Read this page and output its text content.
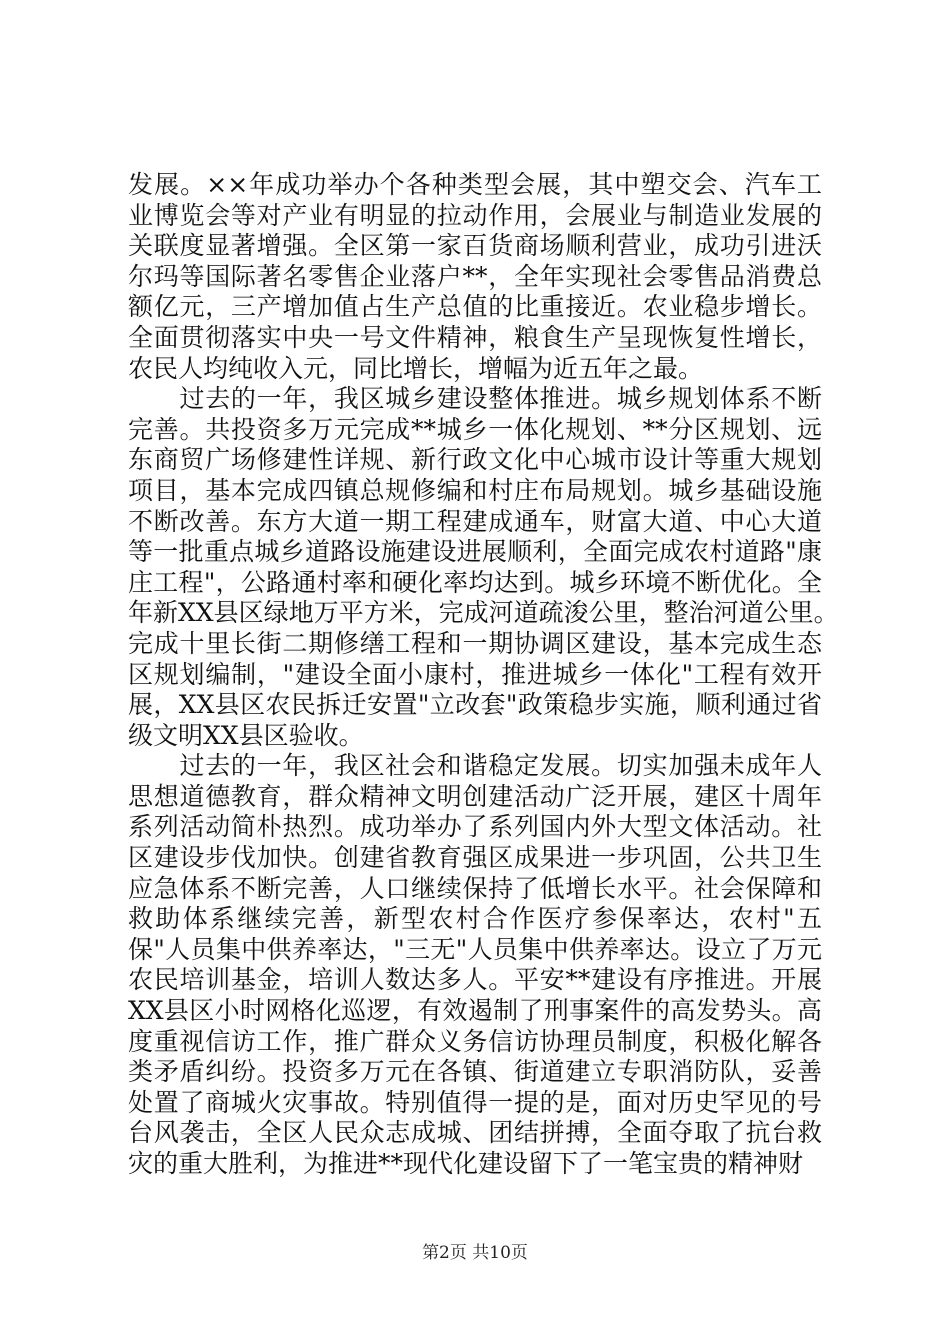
发展。××年成功举办个各种类型会展，其中塑交会、汽车工
业博览会等对产业有明显的拉动作用，会展业与制造业发展的
关联度显著增强。全区第一家百货商场顺利营业，成功引进沃
尔玛等国际著名零售企业落户**，全年实现社会零售品消费总
额亿元，三产增加值占生产总值的比重接近。农业稳步增长。
全面贯彻落实中央一号文件精神，粮食生产呈现恢复性增长，
农民人均纯收入元，同比增长，增幅为近五年之最。
　　过去的一年，我区城乡建设整体推进。城乡规划体系不断
完善。共投资多万元完成**城乡一体化规划、**分区规划、远
东商贸广场修建性详规、新行政文化中心城市设计等重大规划
项目，基本完成四镇总规修编和村庄布局规划。城乡基础设施
不断改善。东方大道一期工程建成通车，财富大道、中心大道
等一批重点城乡道路设施建设进展顺利，全面完成农村道路"康
庄工程"，公路通村率和硬化率均达到。城乡环境不断优化。全
年新XX县区绿地万平方米，完成河道疏浚公里，整治河道公里。
完成十里长街二期修缮工程和一期协调区建设，基本完成生态
区规划编制，"建设全面小康村，推进城乡一体化"工程有效开
展，XX县区农民拆迁安置"立改套"政策稳步实施，顺利通过省
级文明XX县区验收。
　　过去的一年，我区社会和谐稳定发展。切实加强未成年人
思想道德教育，群众精神文明创建活动广泛开展，建区十周年
系列活动简朴热烈。成功举办了系列国内外大型文体活动。社
区建设步伐加快。创建省教育强区成果进一步巩固，公共卫生
应急体系不断完善，人口继续保持了低增长水平。社会保障和
救助体系继续完善，新型农村合作医疗参保率达，农村"五
保"人员集中供养率达，"三无"人员集中供养率达。设立了万元
农民培训基金，培训人数达多人。平安**建设有序推进。开展
XX县区小时网格化巡逻，有效遏制了刑事案件的高发势头。高
度重视信访工作，推广群众义务信访协理员制度，积极化解各
类矛盾纠纷。投资多万元在各镇、街道建立专职消防队，妥善
处置了商城火灾事故。特别值得一提的是，面对历史罕见的号
台风袭击，全区人民众志成城、团结拼搏，全面夺取了抗台救
灾的重大胜利，为推进**现代化建设留下了一笔宝贵的精神财
第2页 共10页
